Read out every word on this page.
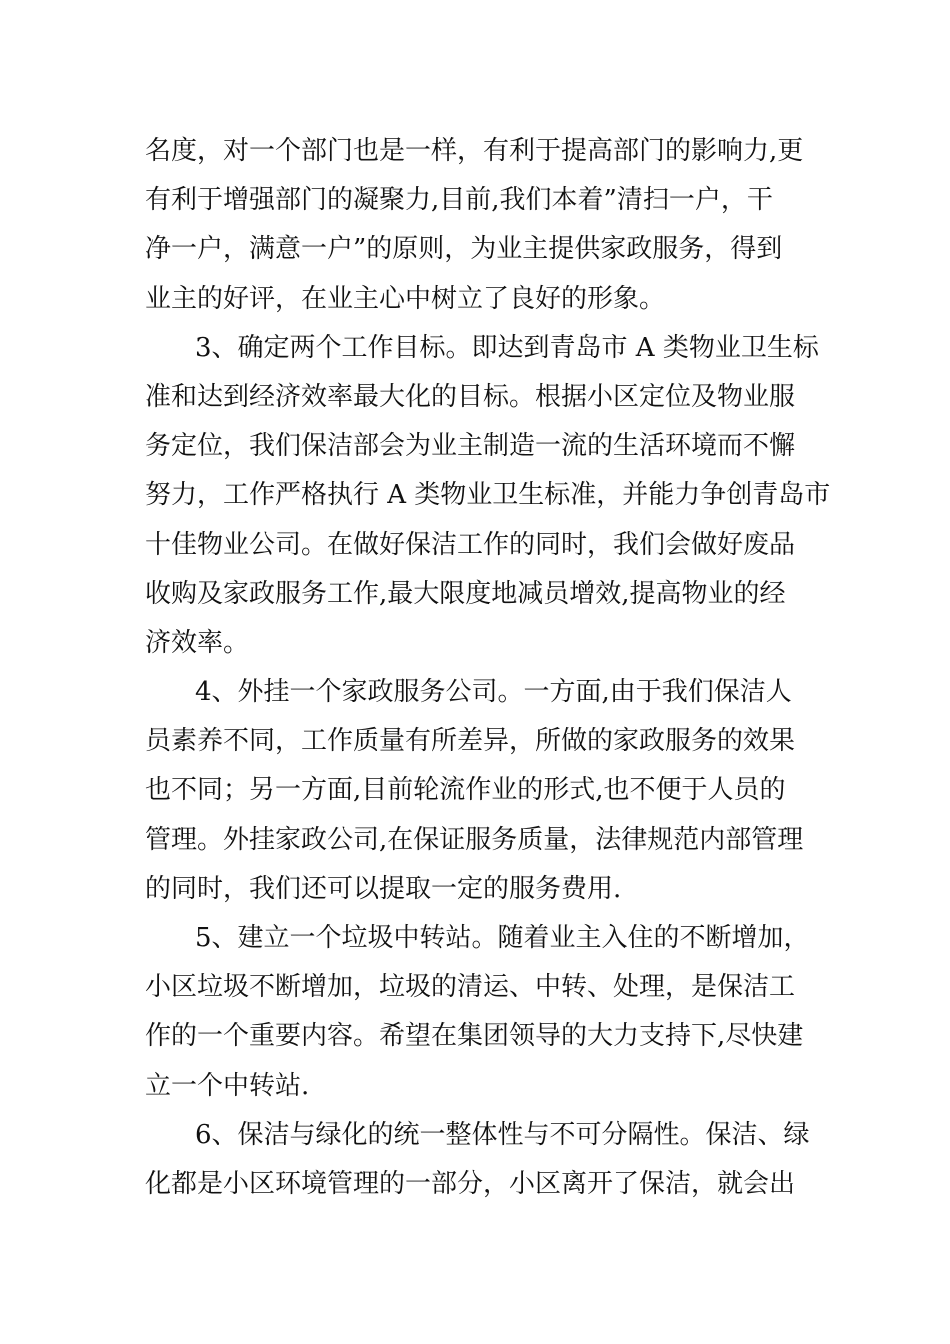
名度，对一个部门也是一样，有利于提高部门的影响力,更
有利于增强部门的凝聚力,目前,我们本着”清扫一户，干
净一户，满意一户”的原则，为业主提供家政服务，得到
业主的好评，在业主心中树立了良好的形象。
3、确定两个工作目标。即达到青岛市 A 类物业卫生标
准和达到经济效率最大化的目标。根据小区定位及物业服
务定位，我们保洁部会为业主制造一流的生活环境而不懈
努力，工作严格执行 A 类物业卫生标准，并能力争创青岛市
十佳物业公司。在做好保洁工作的同时，我们会做好废品
收购及家政服务工作,最大限度地减员增效,提高物业的经
济效率。
4、外挂一个家政服务公司。一方面,由于我们保洁人
员素养不同，工作质量有所差异，所做的家政服务的效果
也不同；另一方面,目前轮流作业的形式,也不便于人员的
管理。外挂家政公司,在保证服务质量，法律规范内部管理
的同时，我们还可以提取一定的服务费用.
5、建立一个垃圾中转站。随着业主入住的不断增加，
小区垃圾不断增加，垃圾的清运、中转、处理，是保洁工
作的一个重要内容。希望在集团领导的大力支持下,尽快建
立一个中转站.
6、保洁与绿化的统一整体性与不可分隔性。保洁、绿
化都是小区环境管理的一部分，小区离开了保洁，就会出
